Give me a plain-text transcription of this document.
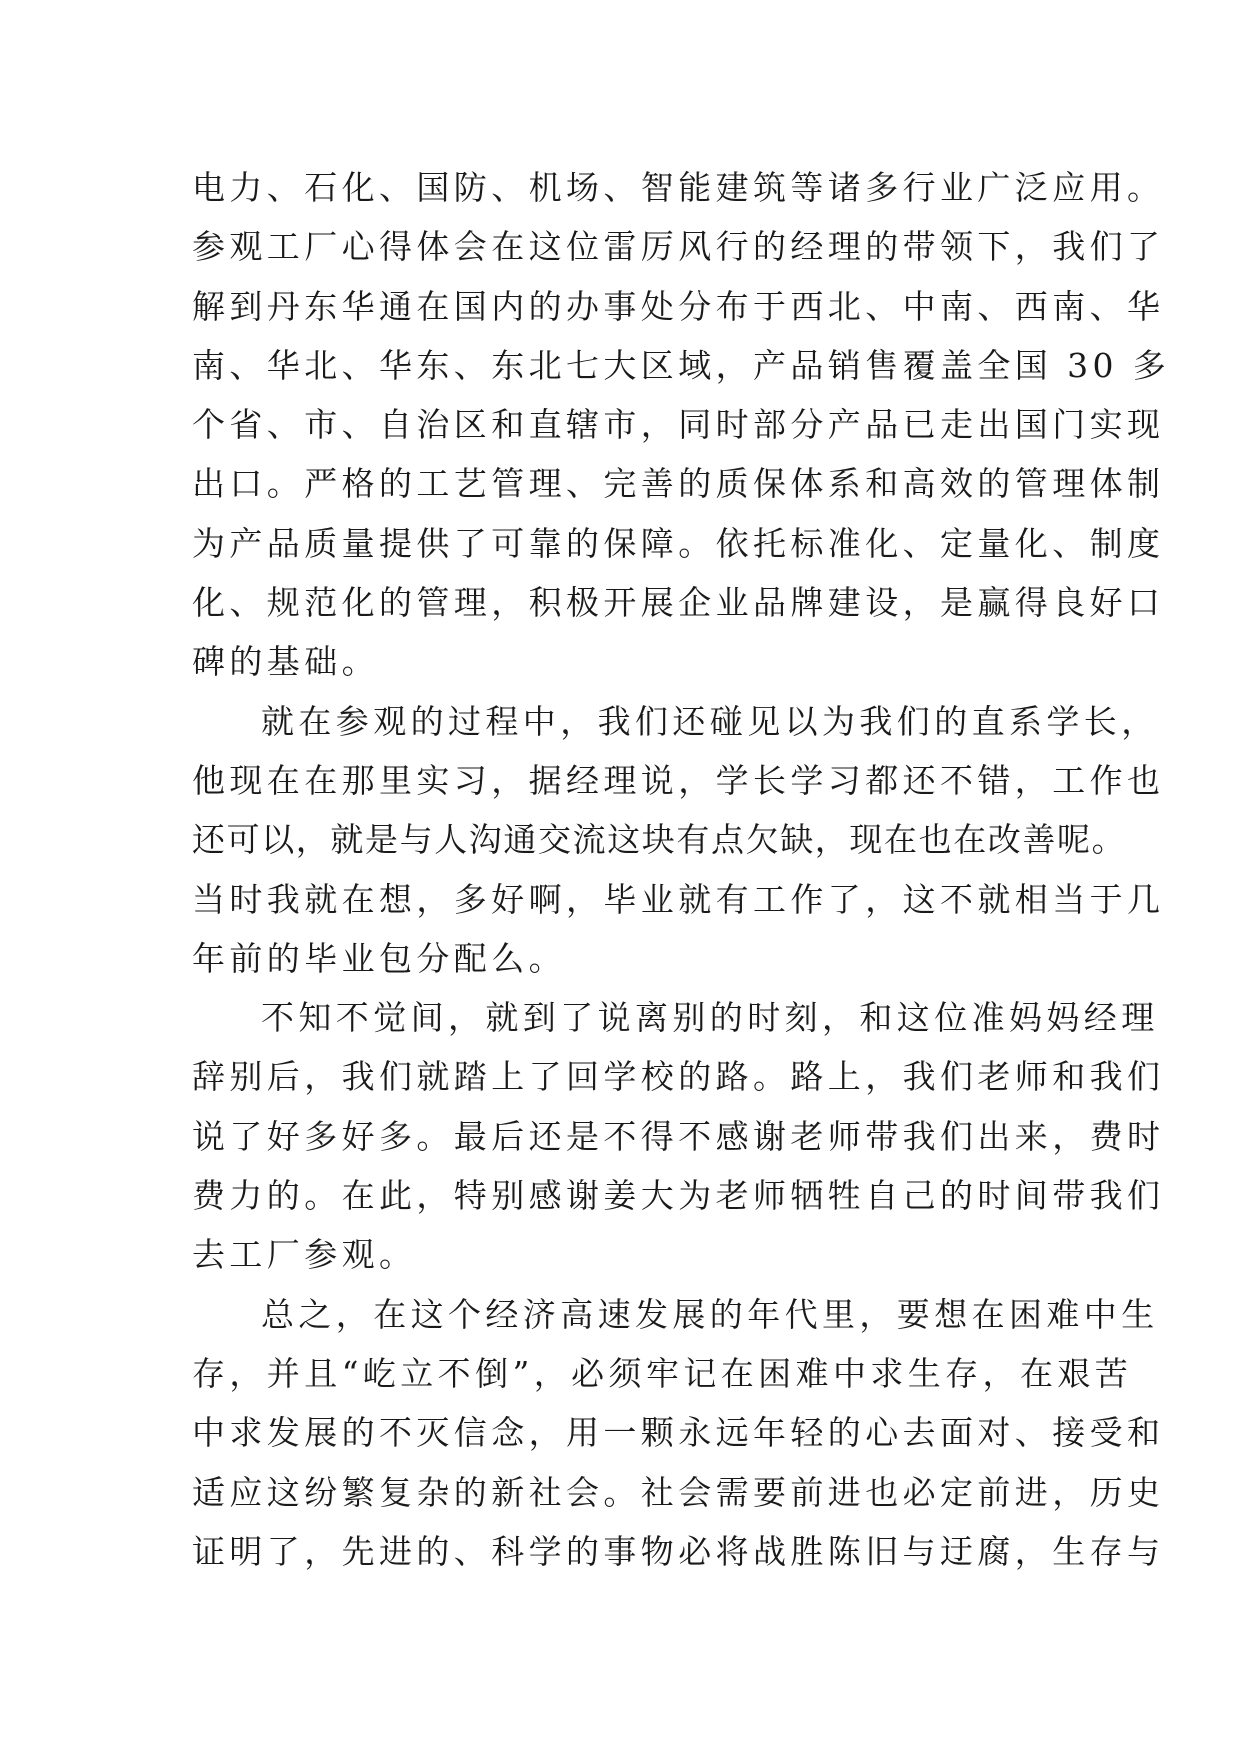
电力、石化、国防、机场、智能建筑等诸多行业广泛应用。
参观工厂心得体会在这位雷厉风行的经理的带领下，我们了
解到丹东华通在国内的办事处分布于西北、中南、西南、华
南、华北、华东、东北七大区域，产品销售覆盖全国 30 多
个省、市、自治区和直辖市，同时部分产品已走出国门实现
出口。严格的工艺管理、完善的质保体系和高效的管理体制
为产品质量提供了可靠的保障。依托标准化、定量化、制度
化、规范化的管理，积极开展企业品牌建设，是赢得良好口
碑的基础。
就在参观的过程中，我们还碰见以为我们的直系学长，
他现在在那里实习，据经理说，学长学习都还不错，工作也
还可以，就是与人沟通交流这块有点欠缺，现在也在改善呢。
当时我就在想，多好啊，毕业就有工作了，这不就相当于几
年前的毕业包分配么。
不知不觉间，就到了说离别的时刻，和这位准妈妈经理
辞别后，我们就踏上了回学校的路。路上，我们老师和我们
说了好多好多。最后还是不得不感谢老师带我们出来，费时
费力的。在此，特别感谢姜大为老师牺牲自己的时间带我们
去工厂参观。
总之，在这个经济高速发展的年代里，要想在困难中生
存，并且“屹立不倒”，必须牢记在困难中求生存，在艰苦
中求发展的不灭信念，用一颗永远年轻的心去面对、接受和
适应这纷繁复杂的新社会。社会需要前进也必定前进，历史
证明了，先进的、科学的事物必将战胜陈旧与迂腐，生存与
